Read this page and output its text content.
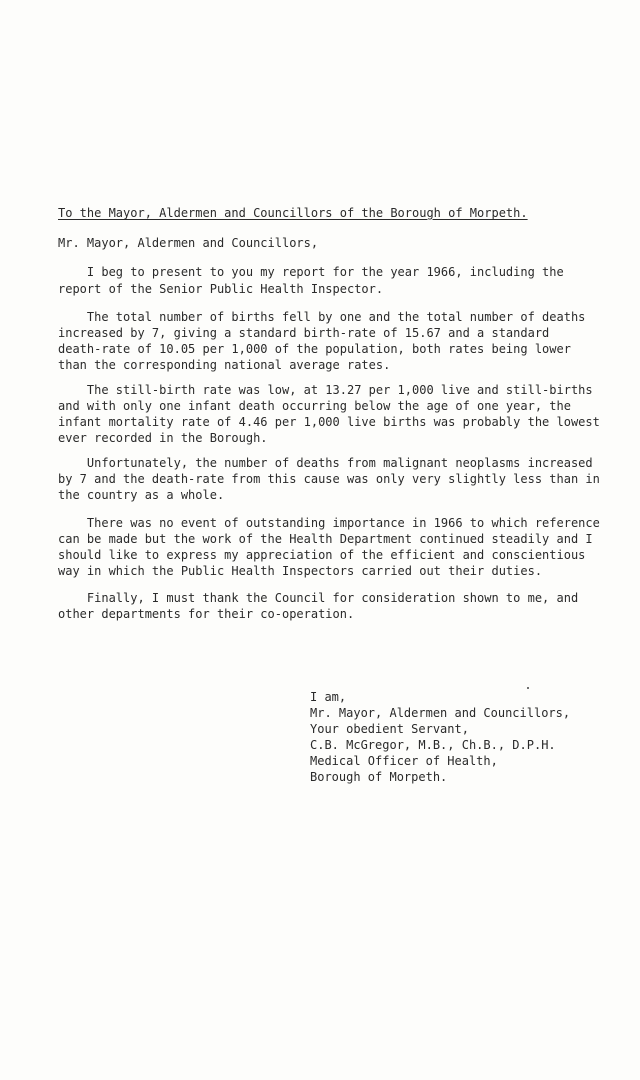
To the Mayor, Aldermen and Councillors of the Borough of Morpeth.
Mr. Mayor, Aldermen and Councillors,
I beg to present to you my report for the year 1966, including the
report of the Senior Public Health Inspector.
The total number of births fell by one and the total number of deaths
increased by 7, giving a standard birth-rate of 15.67 and a standard
death-rate of 10.05 per 1,000 of the population, both rates being lower
than the corresponding national average rates.
The still-birth rate was low, at 13.27 per 1,000 live and still-births
and with only one infant death occurring below the age of one year, the
infant mortality rate of 4.46 per 1,000 live births was probably the lowest
ever recorded in the Borough.
Unfortunately, the number of deaths from malignant neoplasms increased
by 7 and the death-rate from this cause was only very slightly less than in
the country as a whole.
There was no event of outstanding importance in 1966 to which reference
can be made but the work of the Health Department continued steadily and I
should like to express my appreciation of the efficient and conscientious
way in which the Public Health Inspectors carried out their duties.
Finally, I must thank the Council for consideration shown to me, and
other departments for their co-operation.
I am,
Mr. Mayor, Aldermen and Councillors,
Your obedient Servant,
C.B. McGregor, M.B., Ch.B., D.P.H.
Medical Officer of Health,
Borough of Morpeth.
